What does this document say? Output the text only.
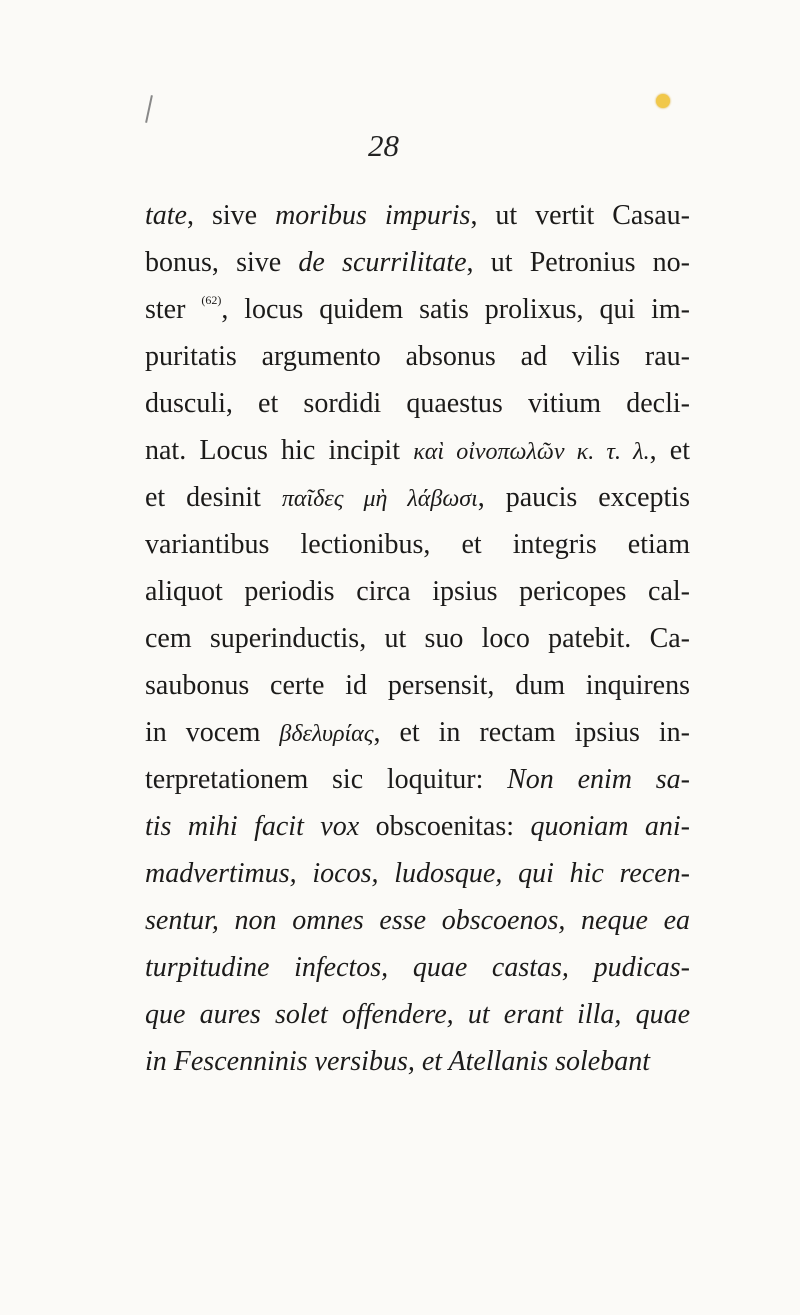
28
tate, sive moribus impuris, ut vertit Casau-
bonus, sive de scurrilitate, ut Petronius no-
ster $^{(62)}$, locus quidem satis prolixus, qui im-
puritatis argumento absonus ad vilis rau-
dusculi, et sordidi quaestus vitium decli-
nat. Locus hic incipit καὶ οἰνοπωλῶν κ. τ. λ., et
et desinit παῖδες μὴ λάβωσι, paucis exceptis
variantibus lectionibus, et integris etiam
aliquot periodis circa ipsius pericopes cal-
cem superinductis, ut suo loco patebit. Ca-
saubonus certe id persensit, dum inquirens
in vocem βδελυρίας, et in rectam ipsius in-
terpretationem sic loquitur: Non enim sa-
tis mihi facit vox obscoenitas: quoniam ani-
madvertimus, iocos, ludosque, qui hic recen-
sentur, non omnes esse obscoenos, neque ea
turpitudine infectos, quae castas, pudicas-
que aures solet offendere, ut erant illa, quae
in Fescenninis versibus, et Atellanis solebant
